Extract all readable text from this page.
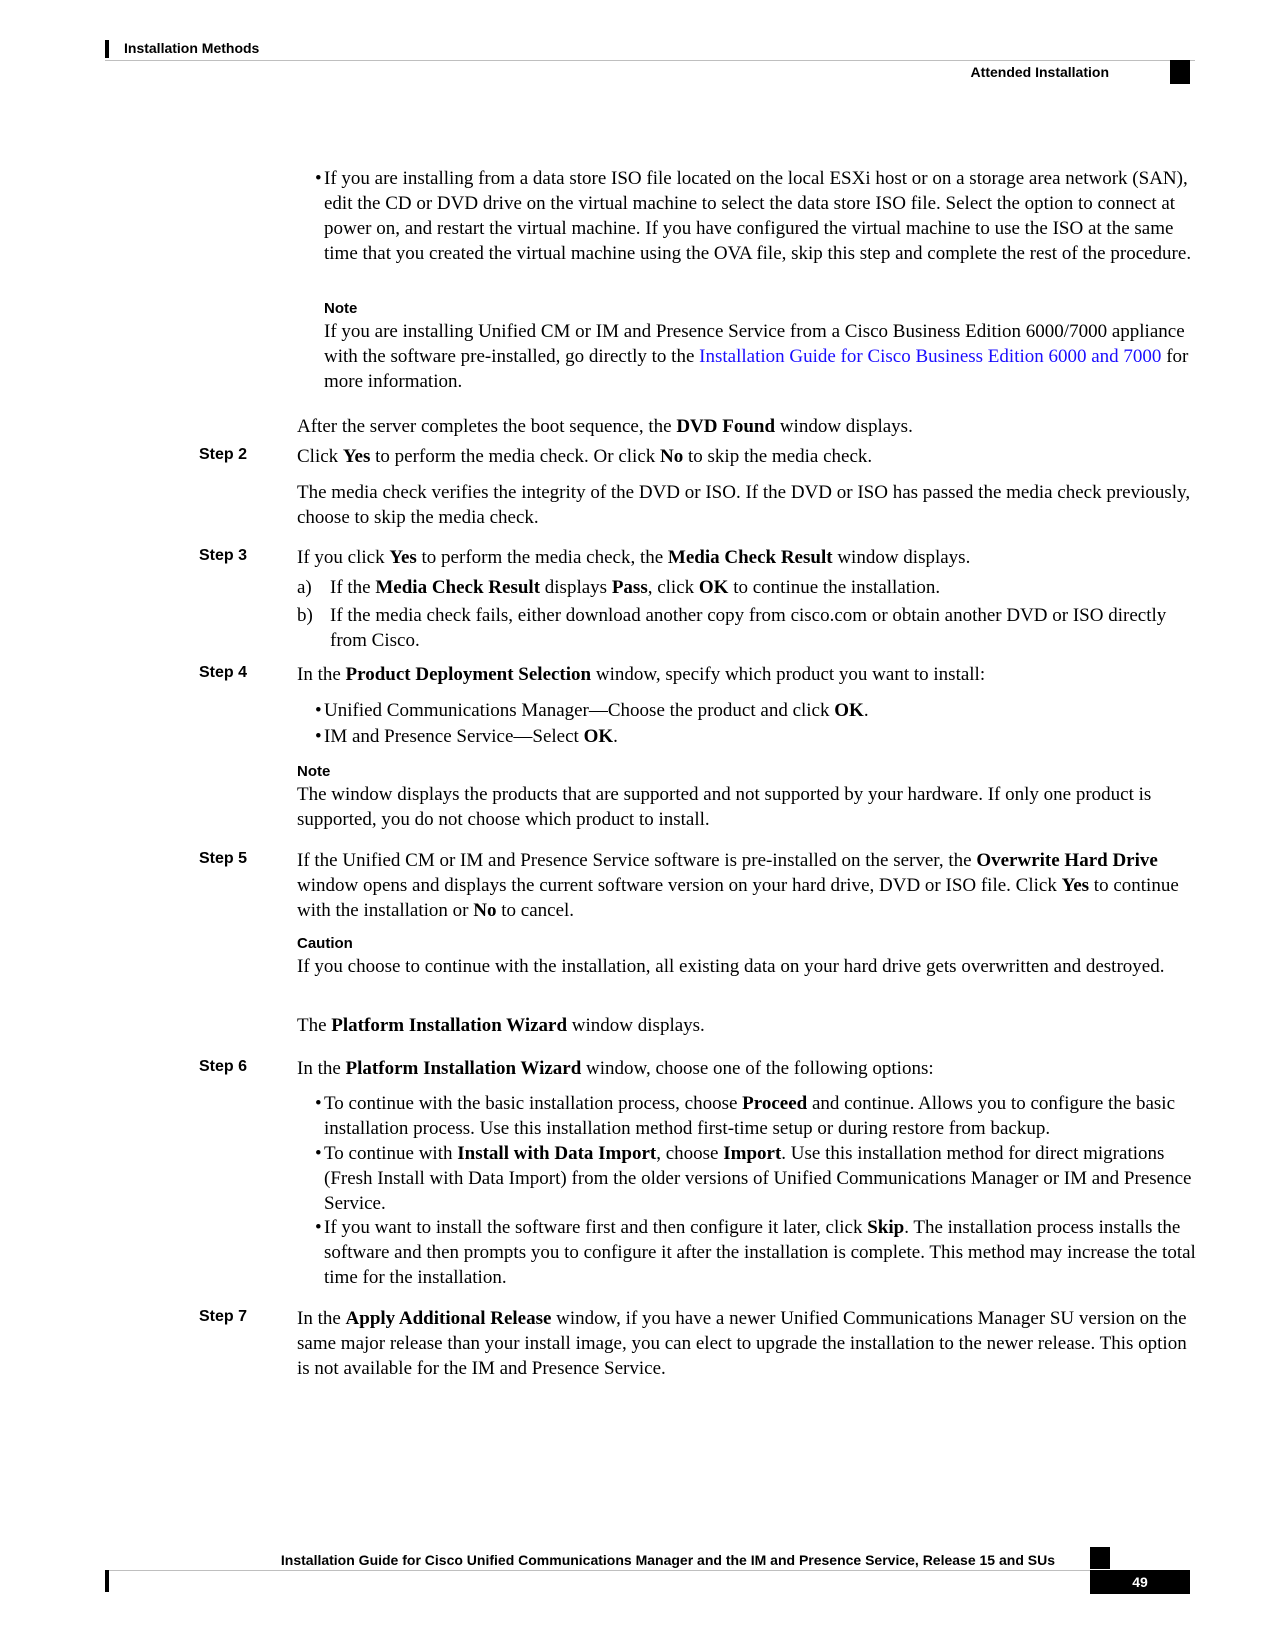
Installation Methods
Attended Installation
• If you are installing from a data store ISO file located on the local ESXi host or on a storage area network (SAN), edit the CD or DVD drive on the virtual machine to select the data store ISO file. Select the option to connect at power on, and restart the virtual machine. If you have configured the virtual machine to use the ISO at the same time that you created the virtual machine using the OVA file, skip this step and complete the rest of the procedure.
Note
If you are installing Unified CM or IM and Presence Service from a Cisco Business Edition 6000/7000 appliance with the software pre-installed, go directly to the Installation Guide for Cisco Business Edition 6000 and 7000 for more information.
After the server completes the boot sequence, the DVD Found window displays.
Step 2	Click Yes to perform the media check. Or click No to skip the media check.
The media check verifies the integrity of the DVD or ISO. If the DVD or ISO has passed the media check previously, choose to skip the media check.
Step 3	If you click Yes to perform the media check, the Media Check Result window displays.
a) If the Media Check Result displays Pass, click OK to continue the installation.
b) If the media check fails, either download another copy from cisco.com or obtain another DVD or ISO directly from Cisco.
Step 4	In the Product Deployment Selection window, specify which product you want to install:
• Unified Communications Manager—Choose the product and click OK.
• IM and Presence Service—Select OK.
Note
The window displays the products that are supported and not supported by your hardware. If only one product is supported, you do not choose which product to install.
Step 5	If the Unified CM or IM and Presence Service software is pre-installed on the server, the Overwrite Hard Drive window opens and displays the current software version on your hard drive, DVD or ISO file. Click Yes to continue with the installation or No to cancel.
Caution
If you choose to continue with the installation, all existing data on your hard drive gets overwritten and destroyed.
The Platform Installation Wizard window displays.
Step 6	In the Platform Installation Wizard window, choose one of the following options:
• To continue with the basic installation process, choose Proceed and continue. Allows you to configure the basic installation process. Use this installation method first-time setup or during restore from backup.
• To continue with Install with Data Import, choose Import. Use this installation method for direct migrations (Fresh Install with Data Import) from the older versions of Unified Communications Manager or IM and Presence Service.
• If you want to install the software first and then configure it later, click Skip. The installation process installs the software and then prompts you to configure it after the installation is complete. This method may increase the total time for the installation.
Step 7	In the Apply Additional Release window, if you have a newer Unified Communications Manager SU version on the same major release than your install image, you can elect to upgrade the installation to the newer release. This option is not available for the IM and Presence Service.
Installation Guide for Cisco Unified Communications Manager and the IM and Presence Service, Release 15 and SUs
49
